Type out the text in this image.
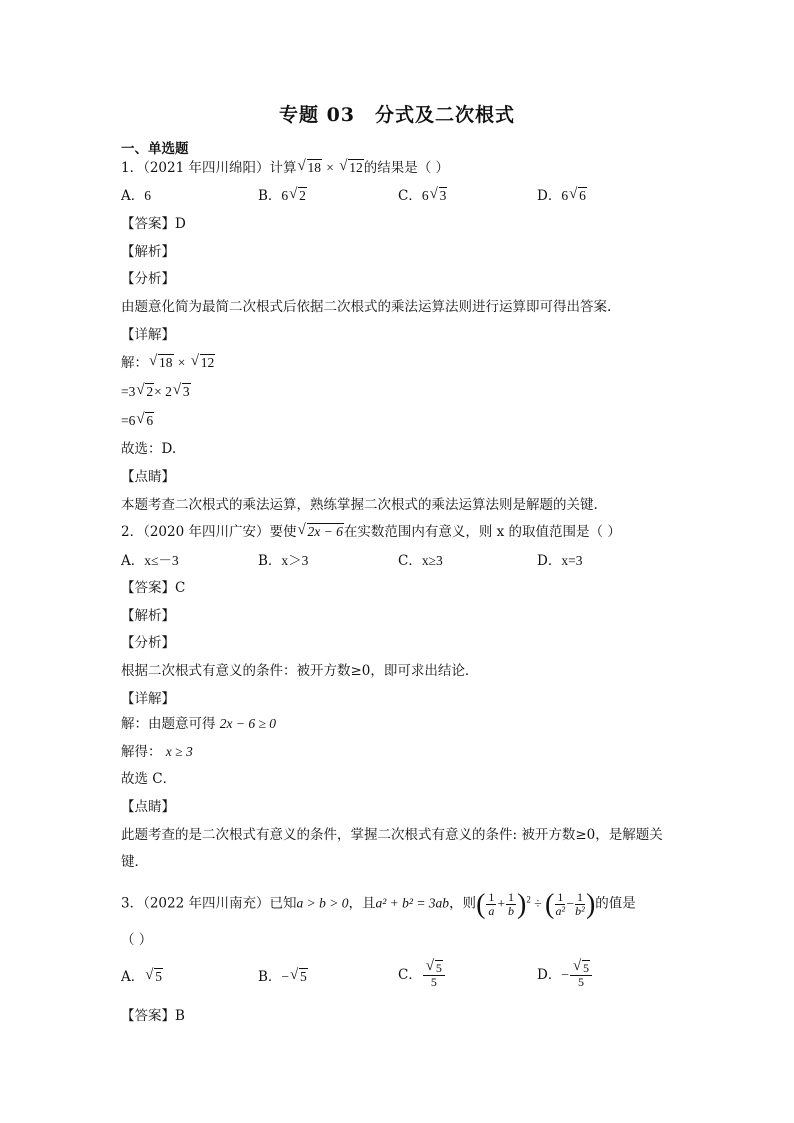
专题 03 分式及二次根式
一、单选题
1．（2021 年四川绵阳）计算 √ 18 × √ 12的结果是（ ）
A．6	B．6 √ 2	C．6 √ 3	D．6 √ 6
【答案】D
【解析】
【分析】
由题意化简为最简二次根式后依据二次根式的乘法运算法则进行运算即可得出答案.
【详解】
解： √ 18 × √ 12
=3 √ 2× 2 √ 3
=6 √ 6
故选：D.
【点睛】
本题考查二次根式的乘法运算，熟练掌握二次根式的乘法运算法则是解题的关键.
2．（2020 年四川广安）要使 √ 2x − 6在实数范围内有意义，则 x 的取值范围是（ ）
A．x≤－3	B．x＞3	C．x≥3	D．x=3
【答案】C
【解析】
【分析】
根据二次根式有意义的条件：被开方数≥0，即可求出结论．
【详解】
解：由题意可得 2x − 6 ≥ 0
解得： x ≥ 3
故选 C．
【点睛】
此题考查的是二次根式有意义的条件，掌握二次根式有意义的条件: 被开方数≥0，是解题关
键．
3．（2022 年四川南充）已知a > b > 0，且a² + b² = 3ab，则( $\frac{1}{a} + \frac{1}{b} )^2$ ÷ ( $\frac{1}{\text{a²}} - \frac{1}{\text{b²}}$ )的值是
（ ）
A． √ 5	B．− √ 5	C． √ $\frac{5}{5}$	D．− √ $\frac{5}{5}$
【答案】B
